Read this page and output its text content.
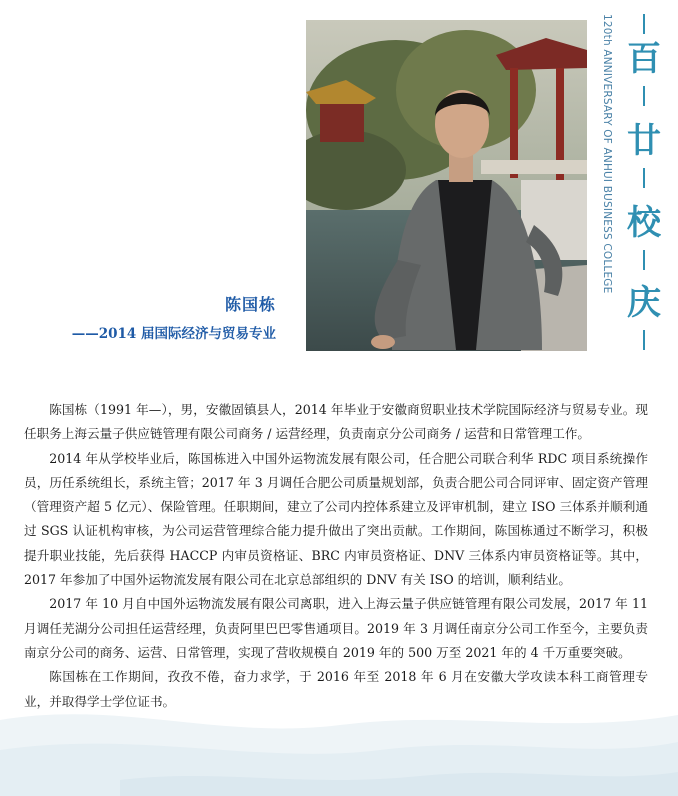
陈国栋
——2014 届国际经济与贸易专业
120th ANNIVERSARY OF ANHUI BUSINESS COLLEGE 百
廿
校
庆

陈国栋（1991 年—），男，安徽固镇县人，2014 年毕业于安徽商贸职业技术学院国际经济与贸易专业。现任职务上海云量子供应链管理有限公司商务 / 运营经理，负责南京分公司商务 / 运营和日常管理工作。

2014 年从学校毕业后，陈国栋进入中国外运物流发展有限公司，任合肥公司联合利华 RDC 项目系统操作员，历任系统组长，系统主管；2017 年 3 月调任合肥公司质量规划部，负责合肥公司合同评审、固定资产管理（管理资产超 5 亿元）、保险管理。任职期间，建立了公司内控体系建立及评审机制，建立 ISO 三体系并顺利通过 SGS 认证机构审核，为公司运营管理综合能力提升做出了突出贡献。工作期间，陈国栋通过不断学习，积极提升职业技能，先后获得 HACCP 内审员资格证、BRC 内审员资格证、DNV 三体系内审员资格证等。其中，2017 年参加了中国外运物流发展有限公司在北京总部组织的 DNV 有关 ISO 的培训，顺利结业。

2017 年 10 月自中国外运物流发展有限公司离职，进入上海云量子供应链管理有限公司发展，2017 年 11 月调任芜湖分公司担任运营经理，负责阿里巴巴零售通项目。2019 年 3 月调任南京分公司工作至今，主要负责南京分公司的商务、运营、日常管理，实现了营收规模自 2019 年的 500 万至 2021 年的 4 千万重要突破。

陈国栋在工作期间，孜孜不倦，奋力求学，于 2016 年至 2018 年 6 月在安徽大学攻读本科工商管理专业，并取得学士学位证书。
